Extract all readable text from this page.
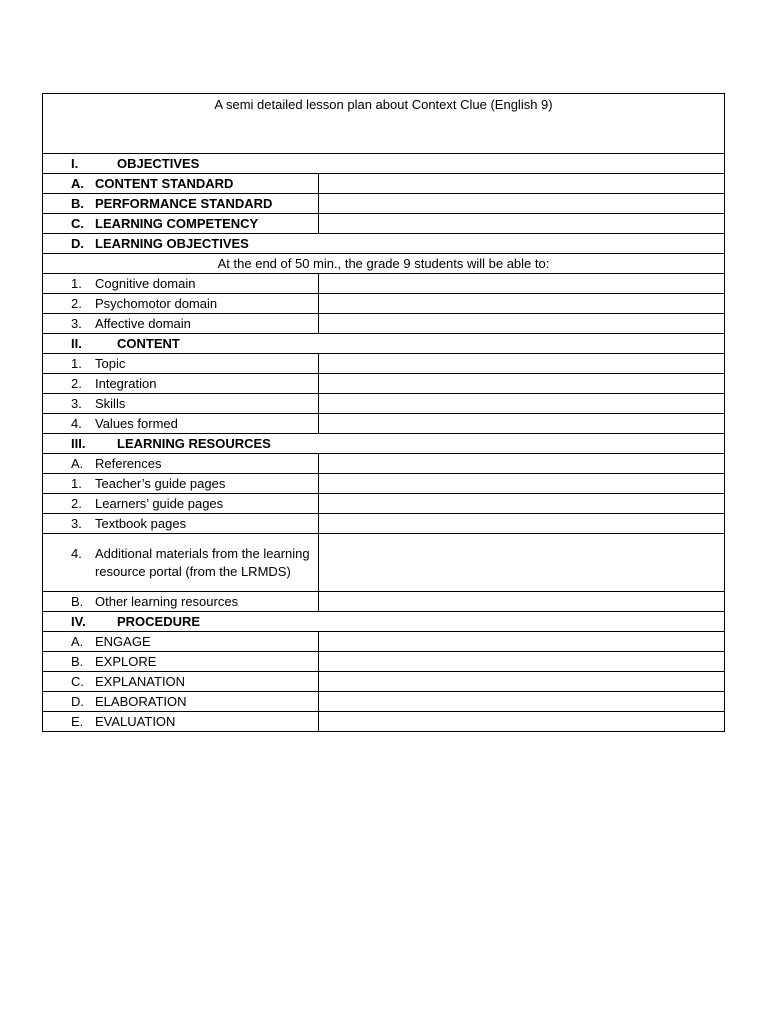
A semi detailed lesson plan about Context Clue (English 9)	
I. OBJECTIVES	
A. CONTENT STANDARD	
B. PERFORMANCE STANDARD	
C. LEARNING COMPETENCY	
D. LEARNING OBJECTIVES	
At the end of 50 min., the grade 9 students will be able to:	

1. Cognitive domain	

2. Psychomotor domain	

3. Affective domain	

II. CONTENT	

1. Topic	

2. Integration	

3. Skills	

4. Values formed	

III. LEARNING RESOURCES	

A. References	

1. Teacher’s guide pages	

2. Learners’ guide pages	

3. Textbook pages	

4. Additional materials from the learning resource portal (from the LRMDS)	

B. Other learning resources	

IV. PROCEDURE	

A. ENGAGE	

B. EXPLORE	

C. EXPLANATION	

D. ELABORATION	

E. EVALUATION	
